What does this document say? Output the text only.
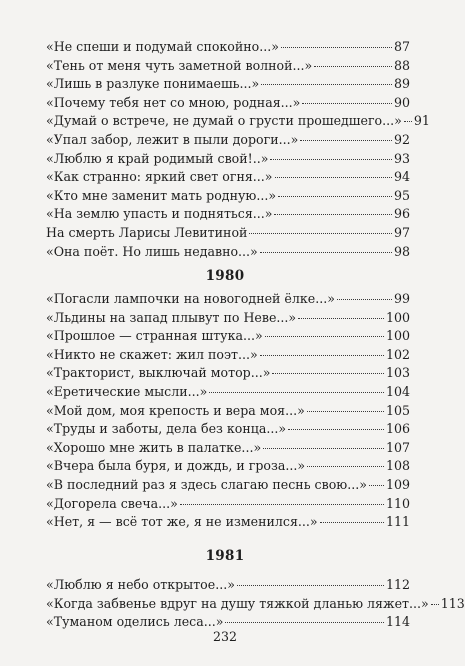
«Не спеши и подумай спокойно...»	87
«Тень от меня чуть заметной волной...»	88
«Лишь в разлуке понимаешь...»	89
«Почему тебя нет со мною, родная...»	90
«Думай о встрече, не думай о грусти прошедшего...» 91
«Упал забор, лежит в пыли дороги...»	92
«Люблю я край родимый свой!..»	93
«Как странно: яркий свет огня...»	94
«Кто мне заменит мать родную...»	95
«На землю упасть и подняться...»	96
На смерть Ларисы Левитиной	97
«Она поёт. Но лишь недавно...»	98
1980
«Погасли лампочки на новогодней ёлке...»	99
«Льдины на запад плывут по Неве...»	100
«Прошлое — странная штука...»	100
«Никто не скажет: жил поэт...»	102
«Тракторист, выключай мотор...»	103
«Еретические мысли...»	104
«Мой дом, моя крепость и вера моя...»	105
«Труды и заботы, дела без конца...»	106
«Хорошо мне жить в палатке...»	107
«Вчера была буря, и дождь, и гроза...»	108
«В последний раз я здесь слагаю песнь свою...» 109
«Догорела свеча...»	110
«Нет, я — всё тот же, я не изменился...»	111
1981
«Люблю я небо открытое...»	112
«Когда забвенье вдруг на душу тяжкой дланью ляжет...» 113
«Туманом оделись леса...»	114
232
